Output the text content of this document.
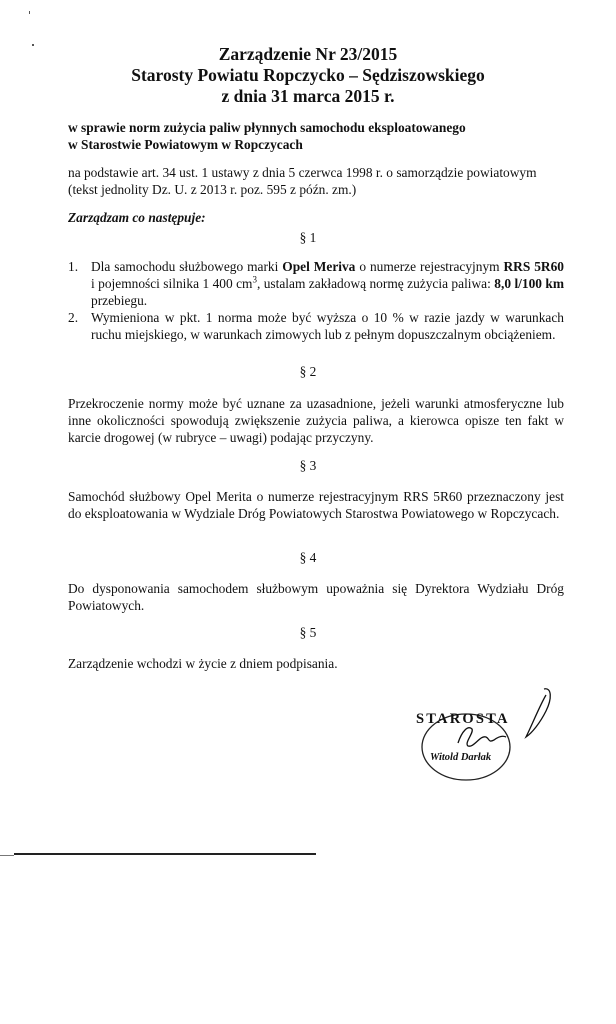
Zarządzenie Nr 23/2015
Starosty Powiatu Ropczycko – Sędziszowskiego
z dnia 31 marca 2015 r.
w sprawie norm zużycia paliw płynnych samochodu eksploatowanego
w Starostwie Powiatowym w Ropczycach
na podstawie art. 34 ust. 1 ustawy z dnia 5 czerwca 1998 r. o samorządzie powiatowym
(tekst jednolity Dz. U. z 2013 r. poz. 595 z późn. zm.)
Zarządzam co następuje:
§ 1
1. Dla samochodu służbowego marki Opel Meriva o numerze rejestracyjnym RRS 5R60 i pojemności silnika 1 400 $cm^3$, ustalam zakładową normę zużycia paliwa: 8,0 l/100 km przebiegu.
2. Wymieniona w pkt. 1 norma może być wyższa o 10 % w razie jazdy w warunkach ruchu miejskiego, w warunkach zimowych lub z pełnym dopuszczalnym obciążeniem.
§ 2
Przekroczenie normy może być uznane za uzasadnione, jeżeli warunki atmosferyczne lub inne okoliczności spowodują zwiększenie zużycia paliwa, a kierowca opisze ten fakt w karcie drogowej (w rubryce – uwagi) podając przyczyny.
§ 3
Samochód służbowy Opel Merita o numerze rejestracyjnym RRS 5R60 przeznaczony jest do eksploatowania w Wydziale Dróg Powiatowych Starostwa Powiatowego w Ropczycach.
§ 4
Do dysponowania samochodem służbowym upoważnia się Dyrektora Wydziału Dróg Powiatowych.
§ 5
Zarządzenie wchodzi w życie z dniem podpisania.
STAROSTA
Witold Darłak
